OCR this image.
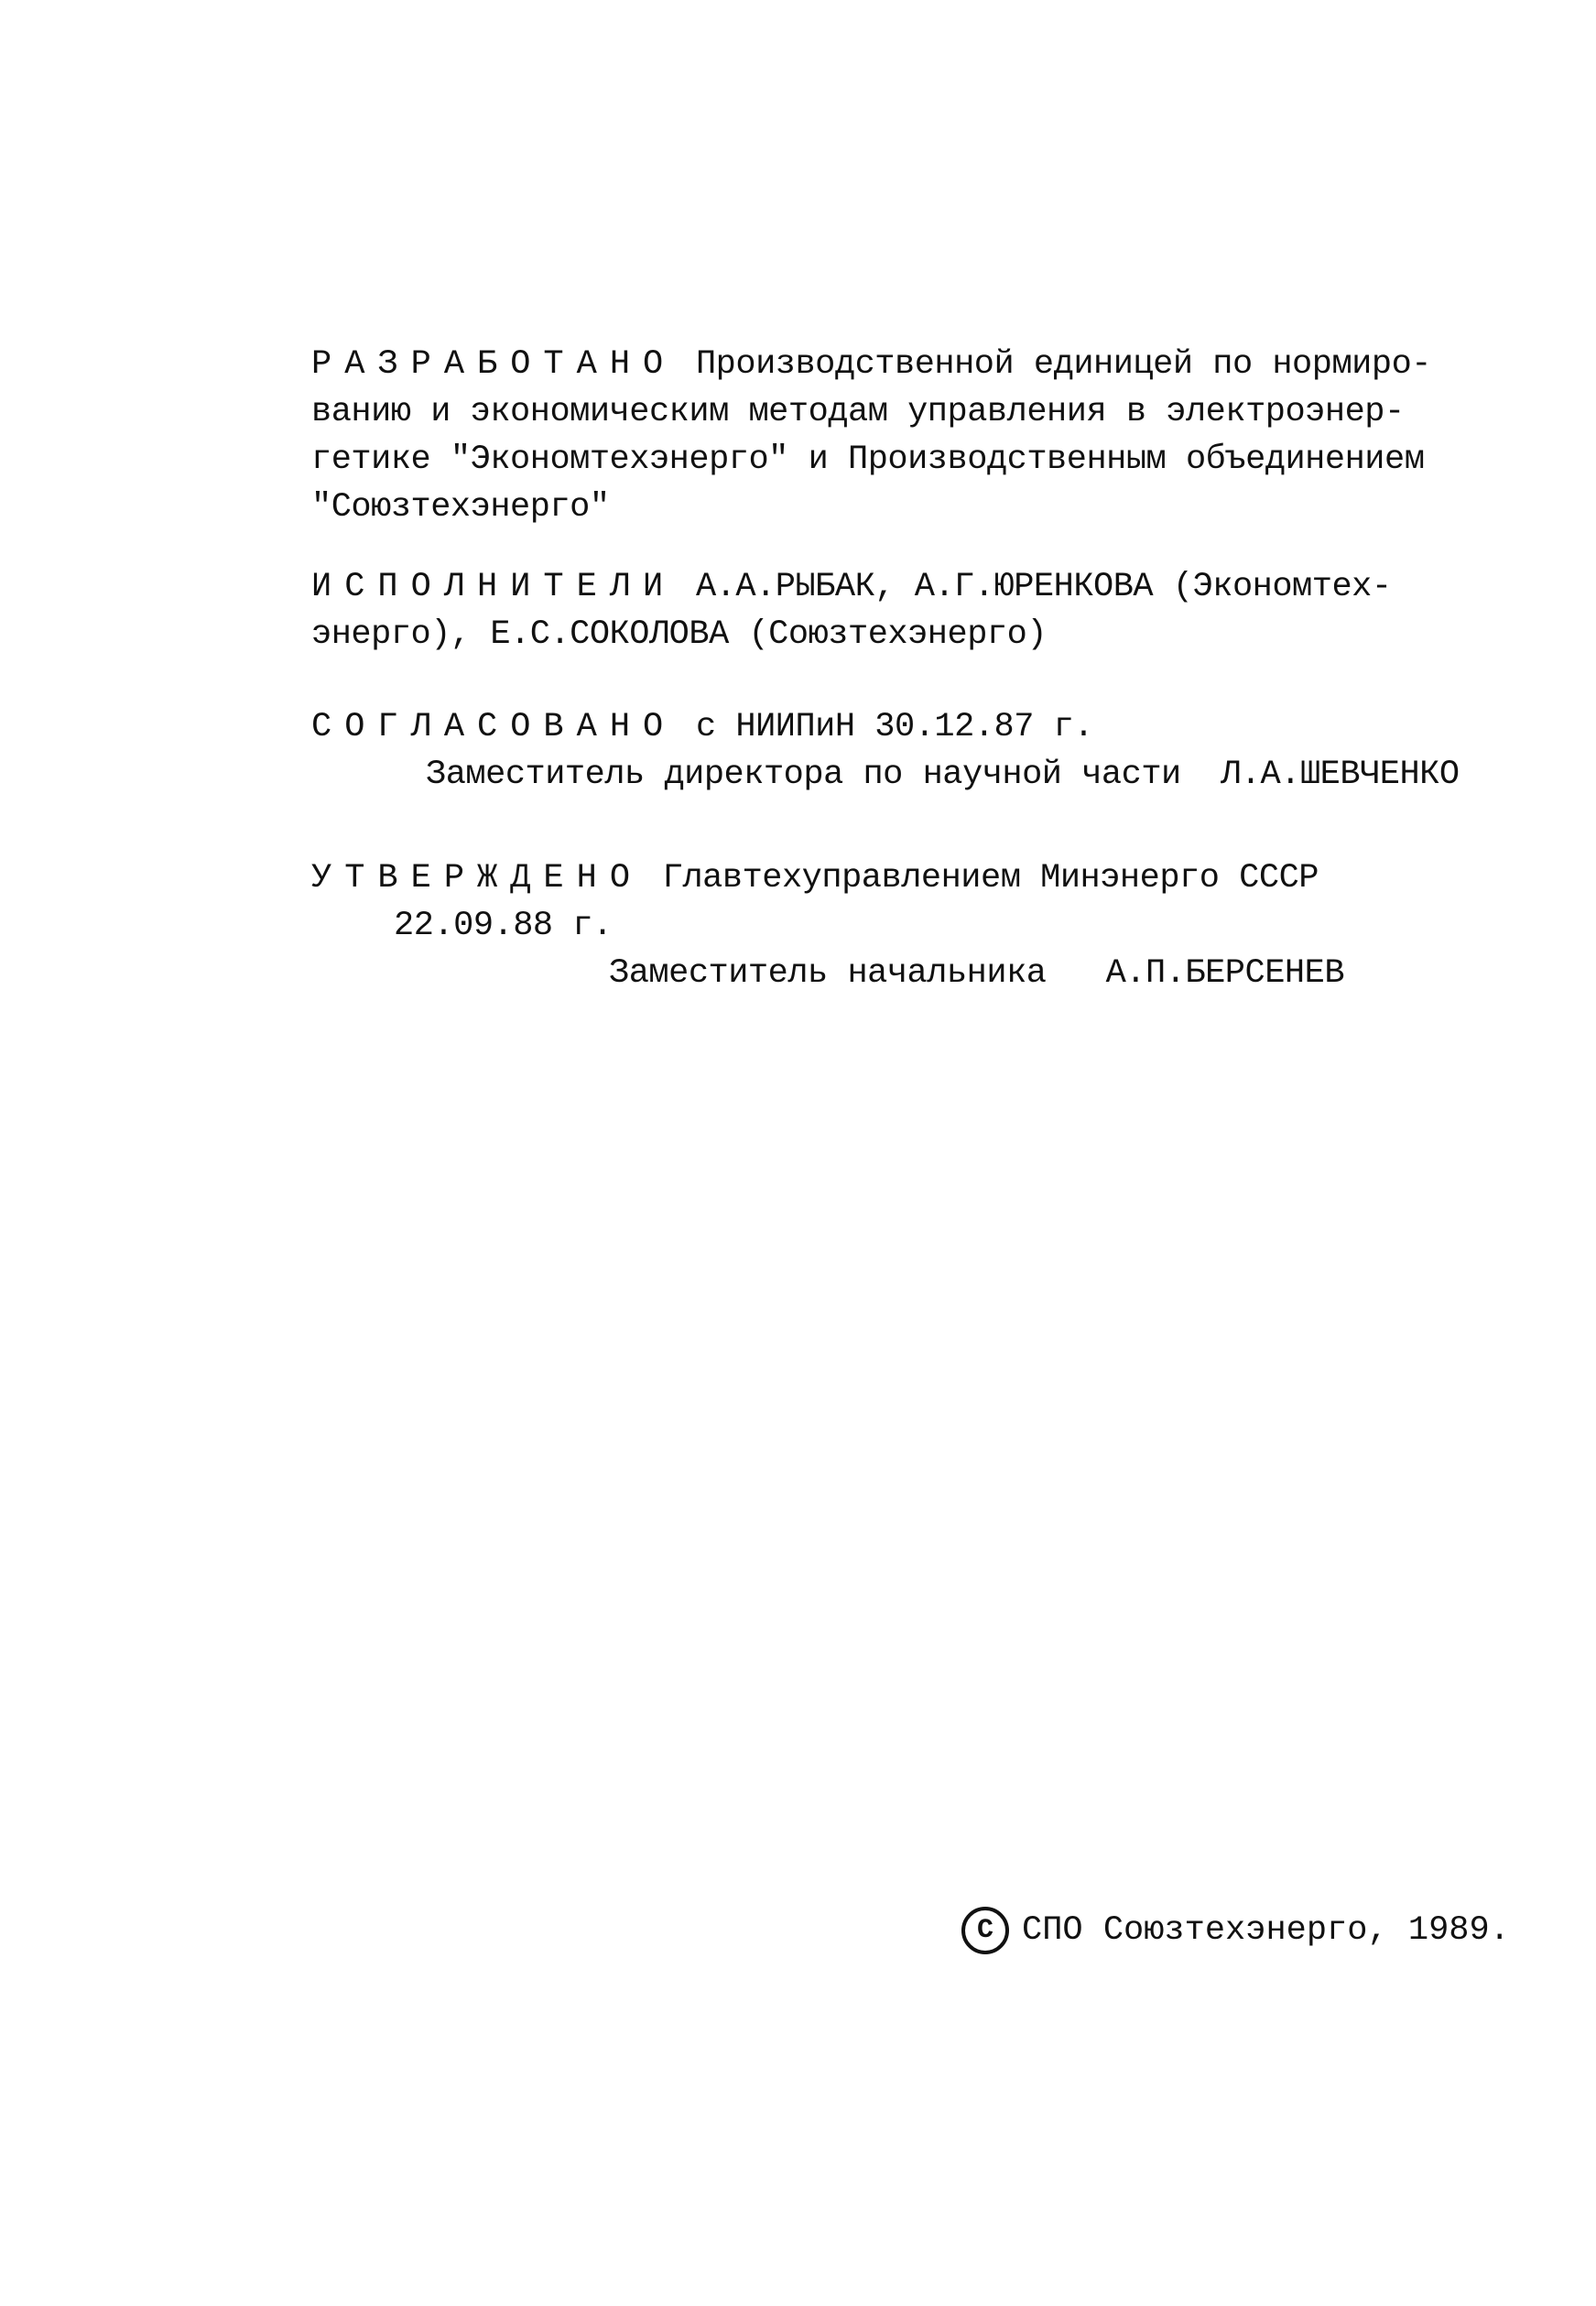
РАЗРАБОТАНО Производственной единицей по нормиро-
ванию и экономическим методам управления в электроэнер-
гетике "Экономтехэнерго" и Производственным объединением
"Союзтехэнерго"
ИСПОЛНИТЕЛИ А.А.РЫБАК, А.Г.ЮРЕНКОВА (Экономтех-
энерго), Е.С.СОКОЛОВА (Союзтехэнерго)
СОГЛАСОВАНО с НИИПиН 30.12.87 г.
Заместитель директора по научной части  Л.А.ШЕВЧЕНКО
УТВЕРЖДЕНО Главтехуправлением Минэнерго СССР
22.09.88 г.
Заместитель начальника   А.П.БЕРСЕНЕВ
C СПО Союзтехэнерго, 1989.
